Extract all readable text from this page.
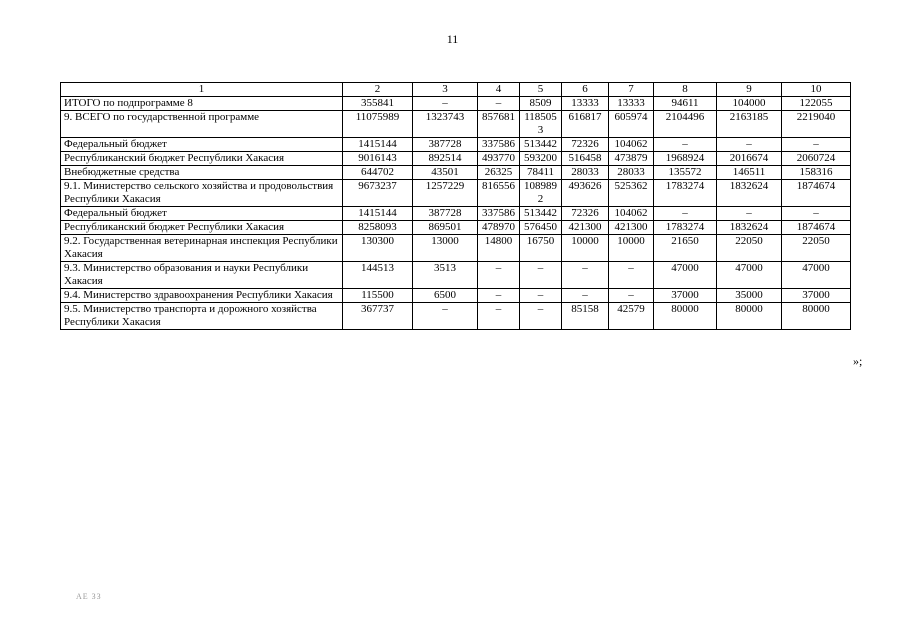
11
1	2	3	4	5	6	7	8	9	10
ИТОГО по подпрограмме 8	355841	–	–	8509	13333	13333	94611	104000	122055
9. ВСЕГО по государственной программе	11075989	1323743	857681	1185053	616817	605974	2104496	2163185	2219040
Федеральный бюджет	1415144	387728	337586	513442	72326	104062	–	–	–
Республиканский бюджет Республики Хакасия	9016143	892514	493770	593200	516458	473879	1968924	2016674	2060724
Внебюджетные средства	644702	43501	26325	78411	28033	28033	135572	146511	158316
9.1. Министерство сельского хозяйства и продовольствия Республики Хакасия	9673237	1257229	816556	1089892	493626	525362	1783274	1832624	1874674
Федеральный бюджет	1415144	387728	337586	513442	72326	104062	–	–	–
Республиканский бюджет Республики Хакасия	8258093	869501	478970	576450	421300	421300	1783274	1832624	1874674
9.2. Государственная ветеринарная инспекция Республики Хакасия	130300	13000	14800	16750	10000	10000	21650	22050	22050
9.3. Министерство образования и науки Республики Хакасия	144513	3513	–	–	–	–	47000	47000	47000
9.4. Министерство здравоохранения Республики Хакасия	115500	6500	–	–	–	–	37000	35000	37000
9.5. Министерство транспорта и дорожного хозяйства Республики Хакасия	367737	–	–	–	85158	42579	80000	80000	80000
»;
АЕ ЗЗ
